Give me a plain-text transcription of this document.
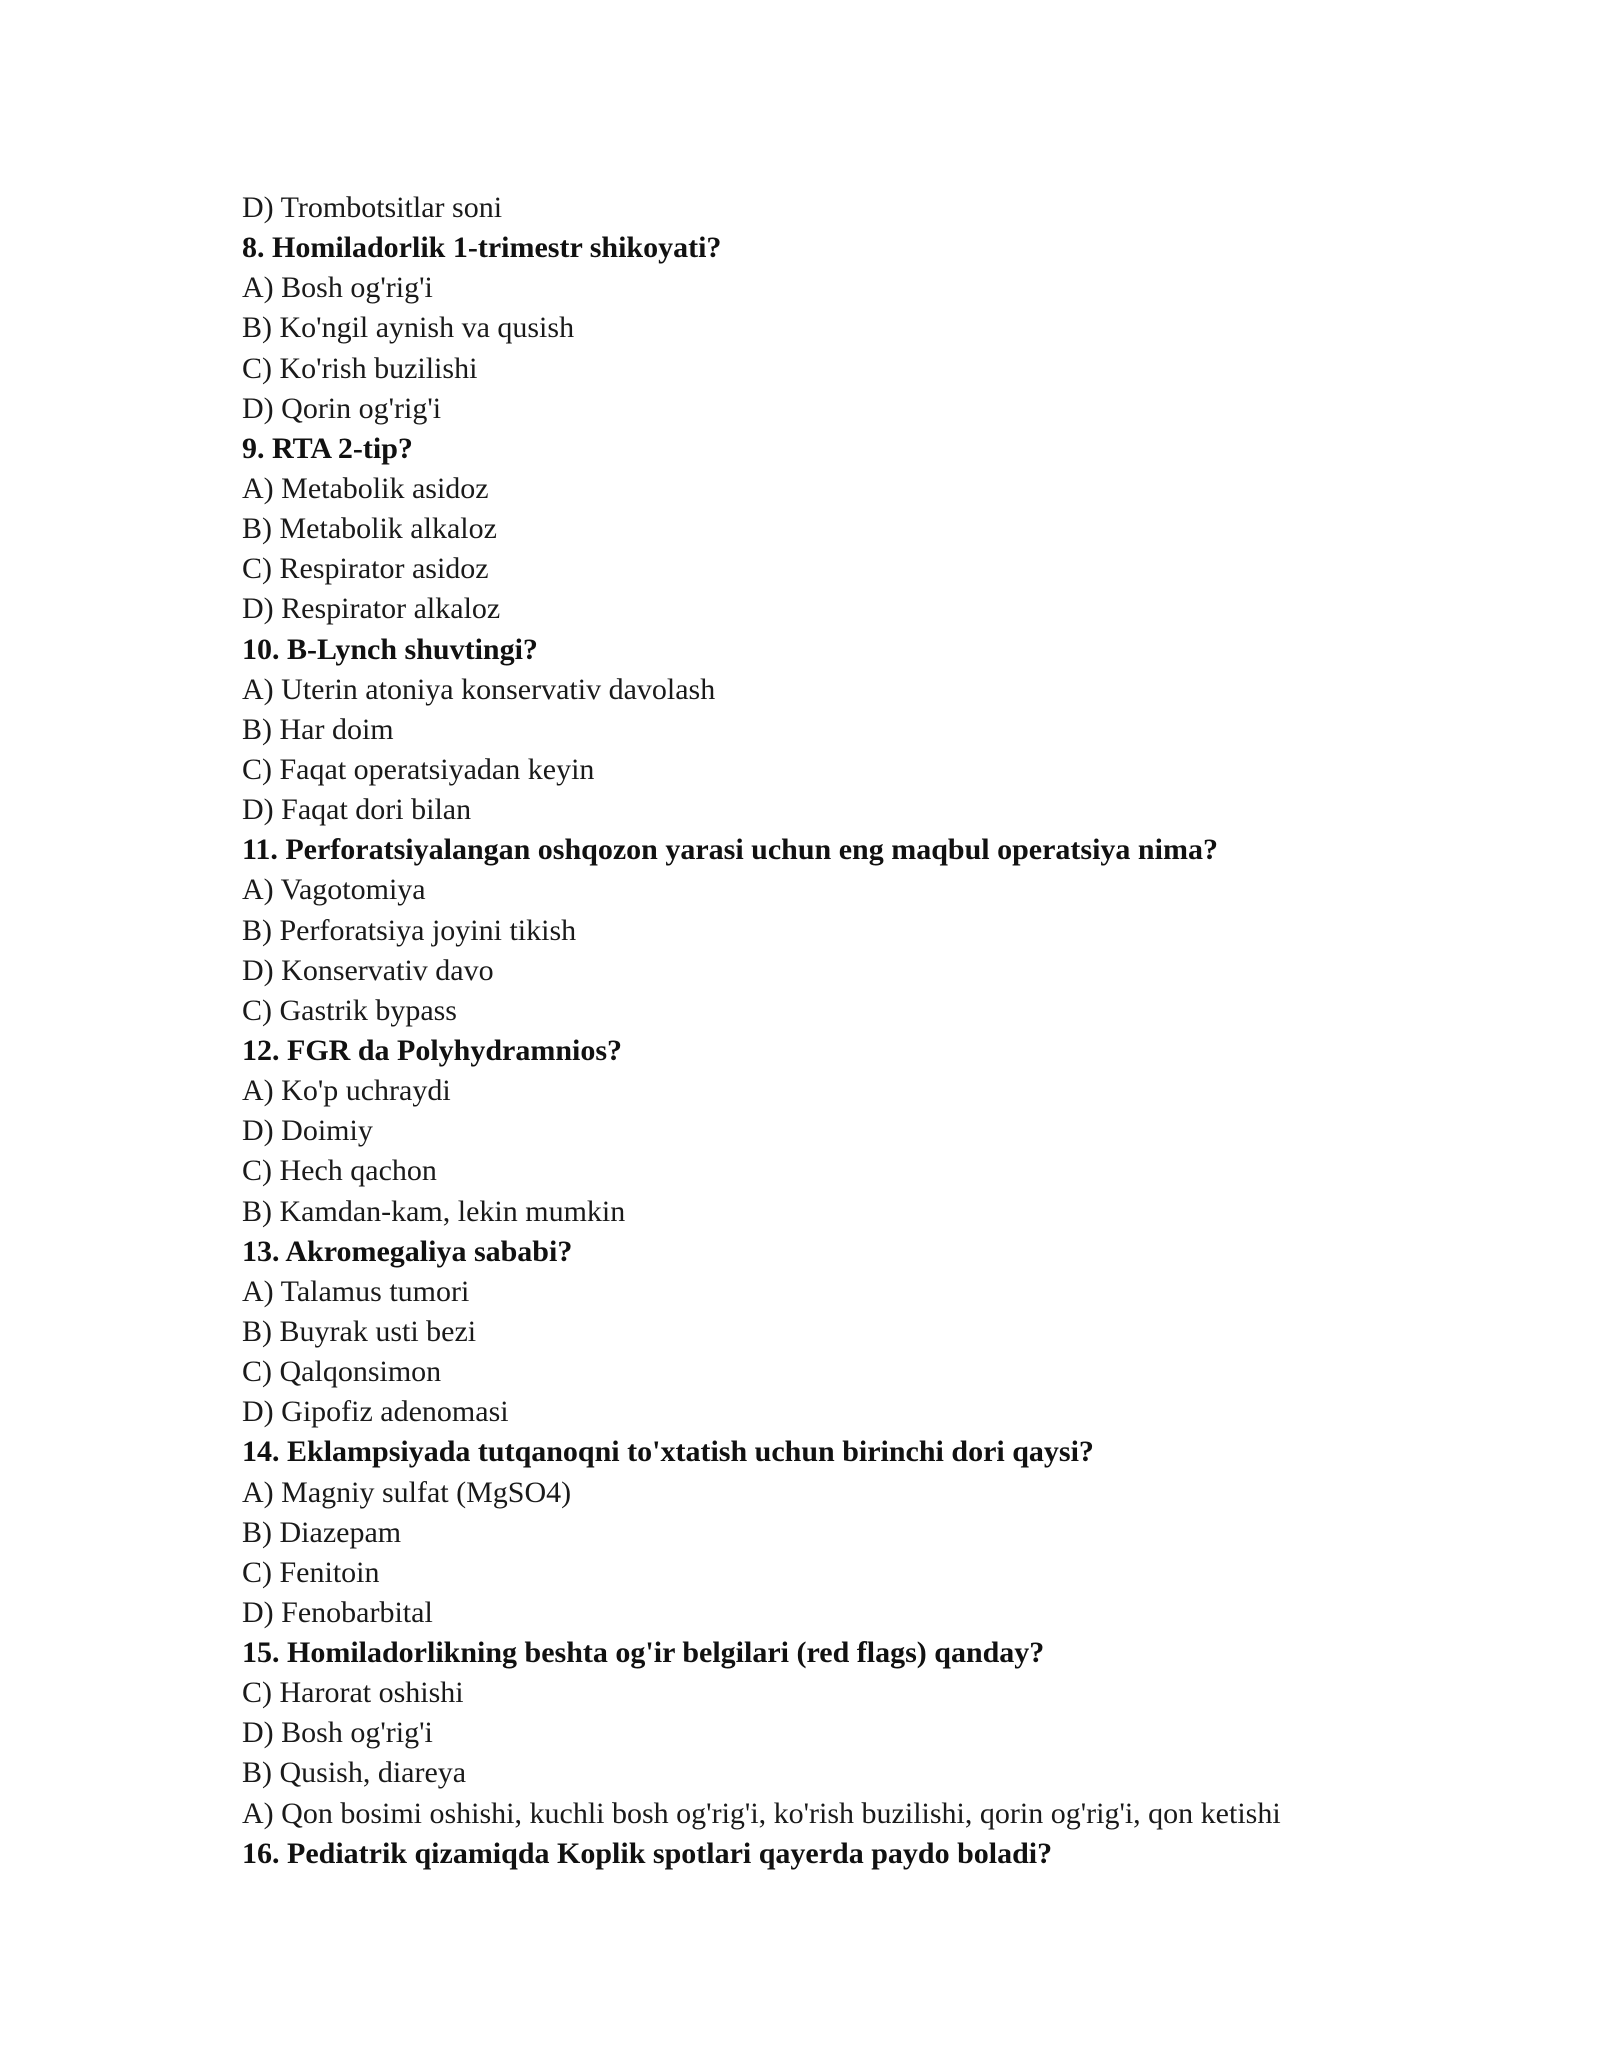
D) Trombotsitlar soni
8. Homiladorlik 1-trimestr shikoyati?
A) Bosh og'rig'i
B) Ko'ngil aynish va qusish
C) Ko'rish buzilishi
D) Qorin og'rig'i
9. RTA 2-tip?
A) Metabolik asidoz
B) Metabolik alkaloz
C) Respirator asidoz
D) Respirator alkaloz
10. B-Lynch shuvtingi?
A) Uterin atoniya konservativ davolash
B) Har doim
C) Faqat operatsiyadan keyin
D) Faqat dori bilan
11. Perforatsiyalangan oshqozon yarasi uchun eng maqbul operatsiya nima?
A) Vagotomiya
B) Perforatsiya joyini tikish
D) Konservativ davo
C) Gastrik bypass
12. FGR da Polyhydramnios?
A) Ko'p uchraydi
D) Doimiy
C) Hech qachon
B) Kamdan-kam, lekin mumkin
13. Akromegaliya sababi?
A) Talamus tumori
B) Buyrak usti bezi
C) Qalqonsimon
D) Gipofiz adenomasi
14. Eklampsiyada tutqanoqni to'xtatish uchun birinchi dori qaysi?
A) Magniy sulfat (MgSO4)
B) Diazepam
C) Fenitoin
D) Fenobarbital
15. Homiladorlikning beshta og'ir belgilari (red flags) qanday?
C) Harorat oshishi
D) Bosh og'rig'i
B) Qusish, diareya
A) Qon bosimi oshishi, kuchli bosh og'rig'i, ko'rish buzilishi, qorin og'rig'i, qon ketishi
16. Pediatrik qizamiqda Koplik spotlari qayerda paydo boladi?
